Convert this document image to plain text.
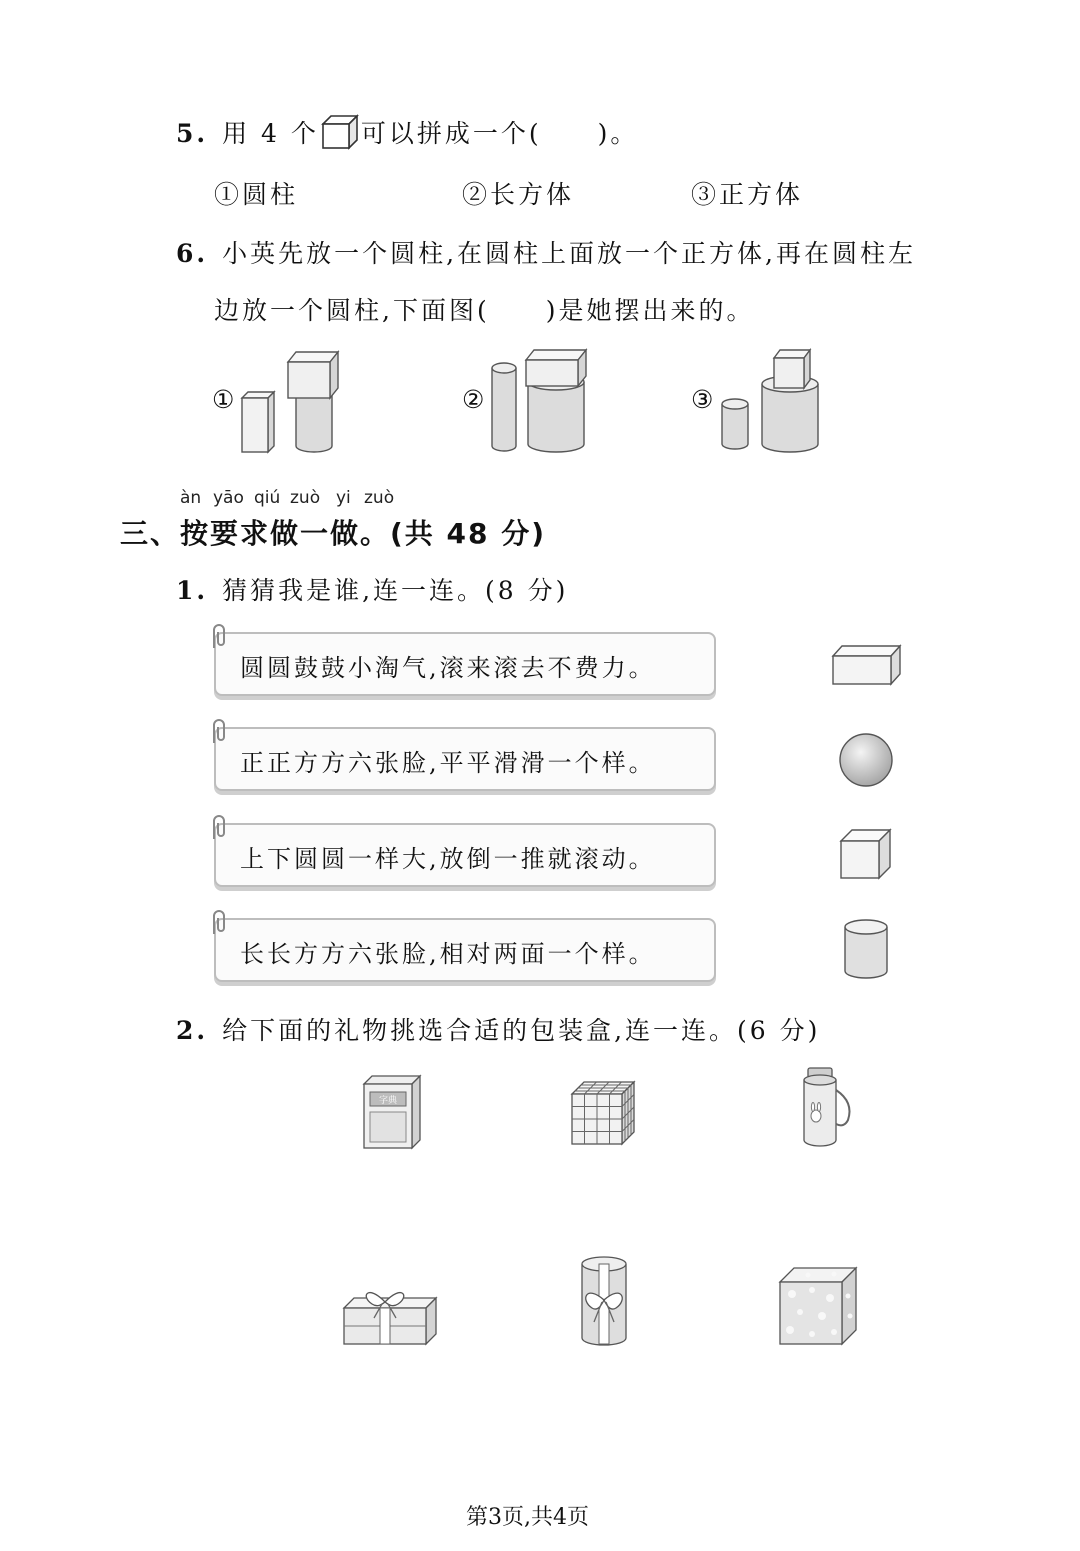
5. 用 4 个 可以拼成一个(　　)。
①圆柱	②长方体	③正方体
6. 小英先放一个圆柱,在圆柱上面放一个正方体,再在圆柱左
边放一个圆柱,下面图(　　)是她摆出来的。
①	②	③
àn yāo qiú zuò yi zuò
三、按要求做一做。(共 48 分)
1. 猜猜我是谁,连一连。(8 分)
圆圆鼓鼓小淘气,滚来滚去不费力。
正正方方六张脸,平平滑滑一个样。
上下圆圆一样大,放倒一推就滚动。
长长方方六张脸,相对两面一个样。
2. 给下面的礼物挑选合适的包装盒,连一连。(6 分)
字典
第3页,共4页
